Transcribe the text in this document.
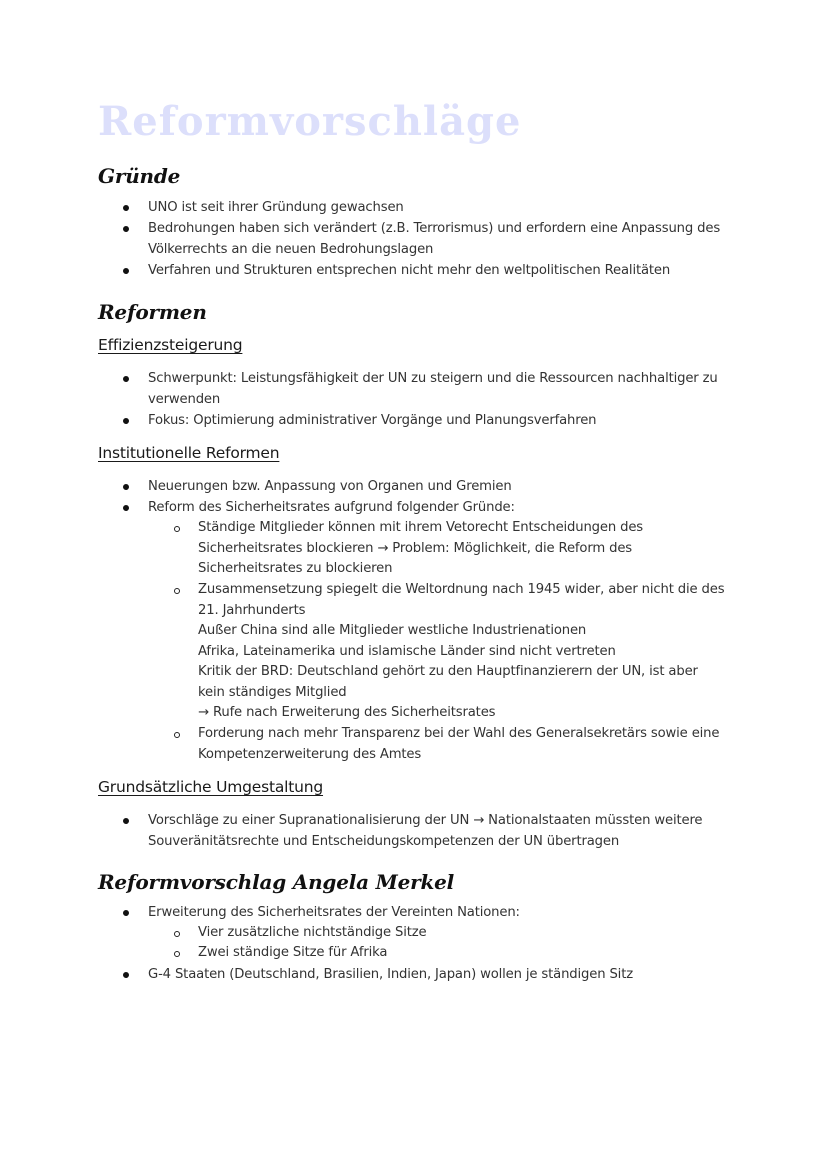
Reformvorschläge
Gründe
UNO ist seit ihrer Gründung gewachsen
Bedrohungen haben sich verändert (z.B. Terrorismus) und erfordern eine Anpassung des
Völkerrechts an die neuen Bedrohungslagen
Verfahren und Strukturen entsprechen nicht mehr den weltpolitischen Realitäten
Reformen
Effizienzsteigerung
Schwerpunkt: Leistungsfähigkeit der UN zu steigern und die Ressourcen nachhaltiger zu
verwenden
Fokus: Optimierung administrativer Vorgänge und Planungsverfahren
Institutionelle Reformen
Neuerungen bzw. Anpassung von Organen und Gremien
Reform des Sicherheitsrates aufgrund folgender Gründe:
Ständige Mitglieder können mit ihrem Vetorecht Entscheidungen des
Sicherheitsrates blockieren → Problem: Möglichkeit, die Reform des
Sicherheitsrates zu blockieren
Zusammensetzung spiegelt die Weltordnung nach 1945 wider, aber nicht die des
21. Jahrhunderts
Außer China sind alle Mitglieder westliche Industrienationen
Afrika, Lateinamerika und islamische Länder sind nicht vertreten
Kritik der BRD: Deutschland gehört zu den Hauptfinanzierern der UN, ist aber
kein ständiges Mitglied
→ Rufe nach Erweiterung des Sicherheitsrates
Forderung nach mehr Transparenz bei der Wahl des Generalsekretärs sowie eine
Kompetenzerweiterung des Amtes
Grundsätzliche Umgestaltung
Vorschläge zu einer Supranationalisierung der UN → Nationalstaaten müssten weitere
Souveränitätsrechte und Entscheidungskompetenzen der UN übertragen
Reformvorschlag Angela Merkel
Erweiterung des Sicherheitsrates der Vereinten Nationen:
Vier zusätzliche nichtständige Sitze
Zwei ständige Sitze für Afrika
G-4 Staaten (Deutschland, Brasilien, Indien, Japan) wollen je ständigen Sitz
